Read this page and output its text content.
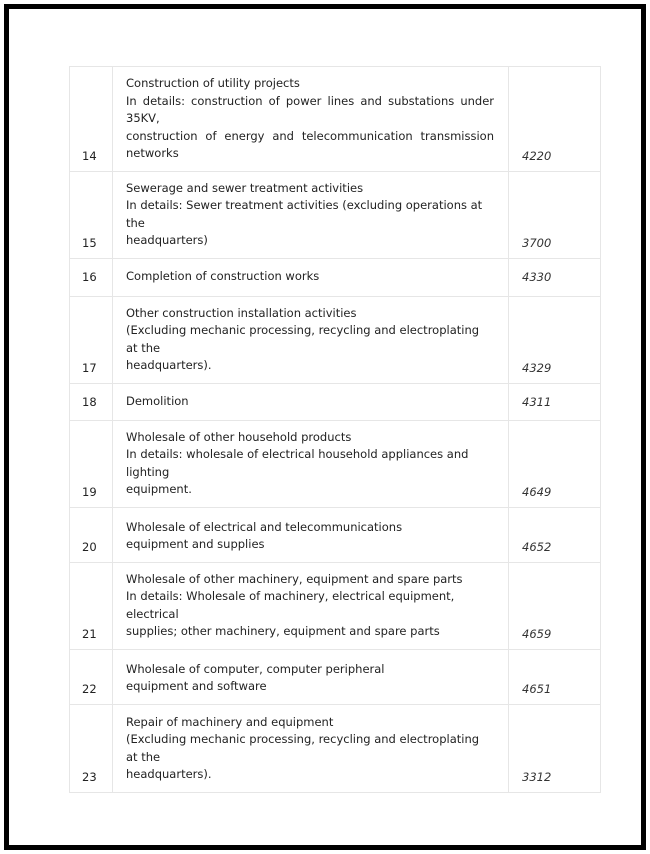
14	Construction of utility projects
In details: construction of power lines and substations under 35KV,
construction of energy and telecommunication transmission
networks	4220
15	Sewerage and sewer treatment activities
In details: Sewer treatment activities (excluding operations at the
headquarters)	3700
16	Completion of construction works	4330
17	Other construction installation activities
(Excluding mechanic processing, recycling and electroplating at the
headquarters).	4329
18	Demolition	4311
19	Wholesale of other household products
In details: wholesale of electrical household appliances and lighting
equipment.	4649
20	Wholesale of electrical and telecommunications
equipment and supplies	4652
21	Wholesale of other machinery, equipment and spare parts
In details: Wholesale of machinery, electrical equipment, electrical
supplies; other machinery, equipment and spare parts	4659
22	Wholesale of computer, computer peripheral
equipment and software	4651
23	Repair of machinery and equipment
(Excluding mechanic processing, recycling and electroplating at the
headquarters).	3312
